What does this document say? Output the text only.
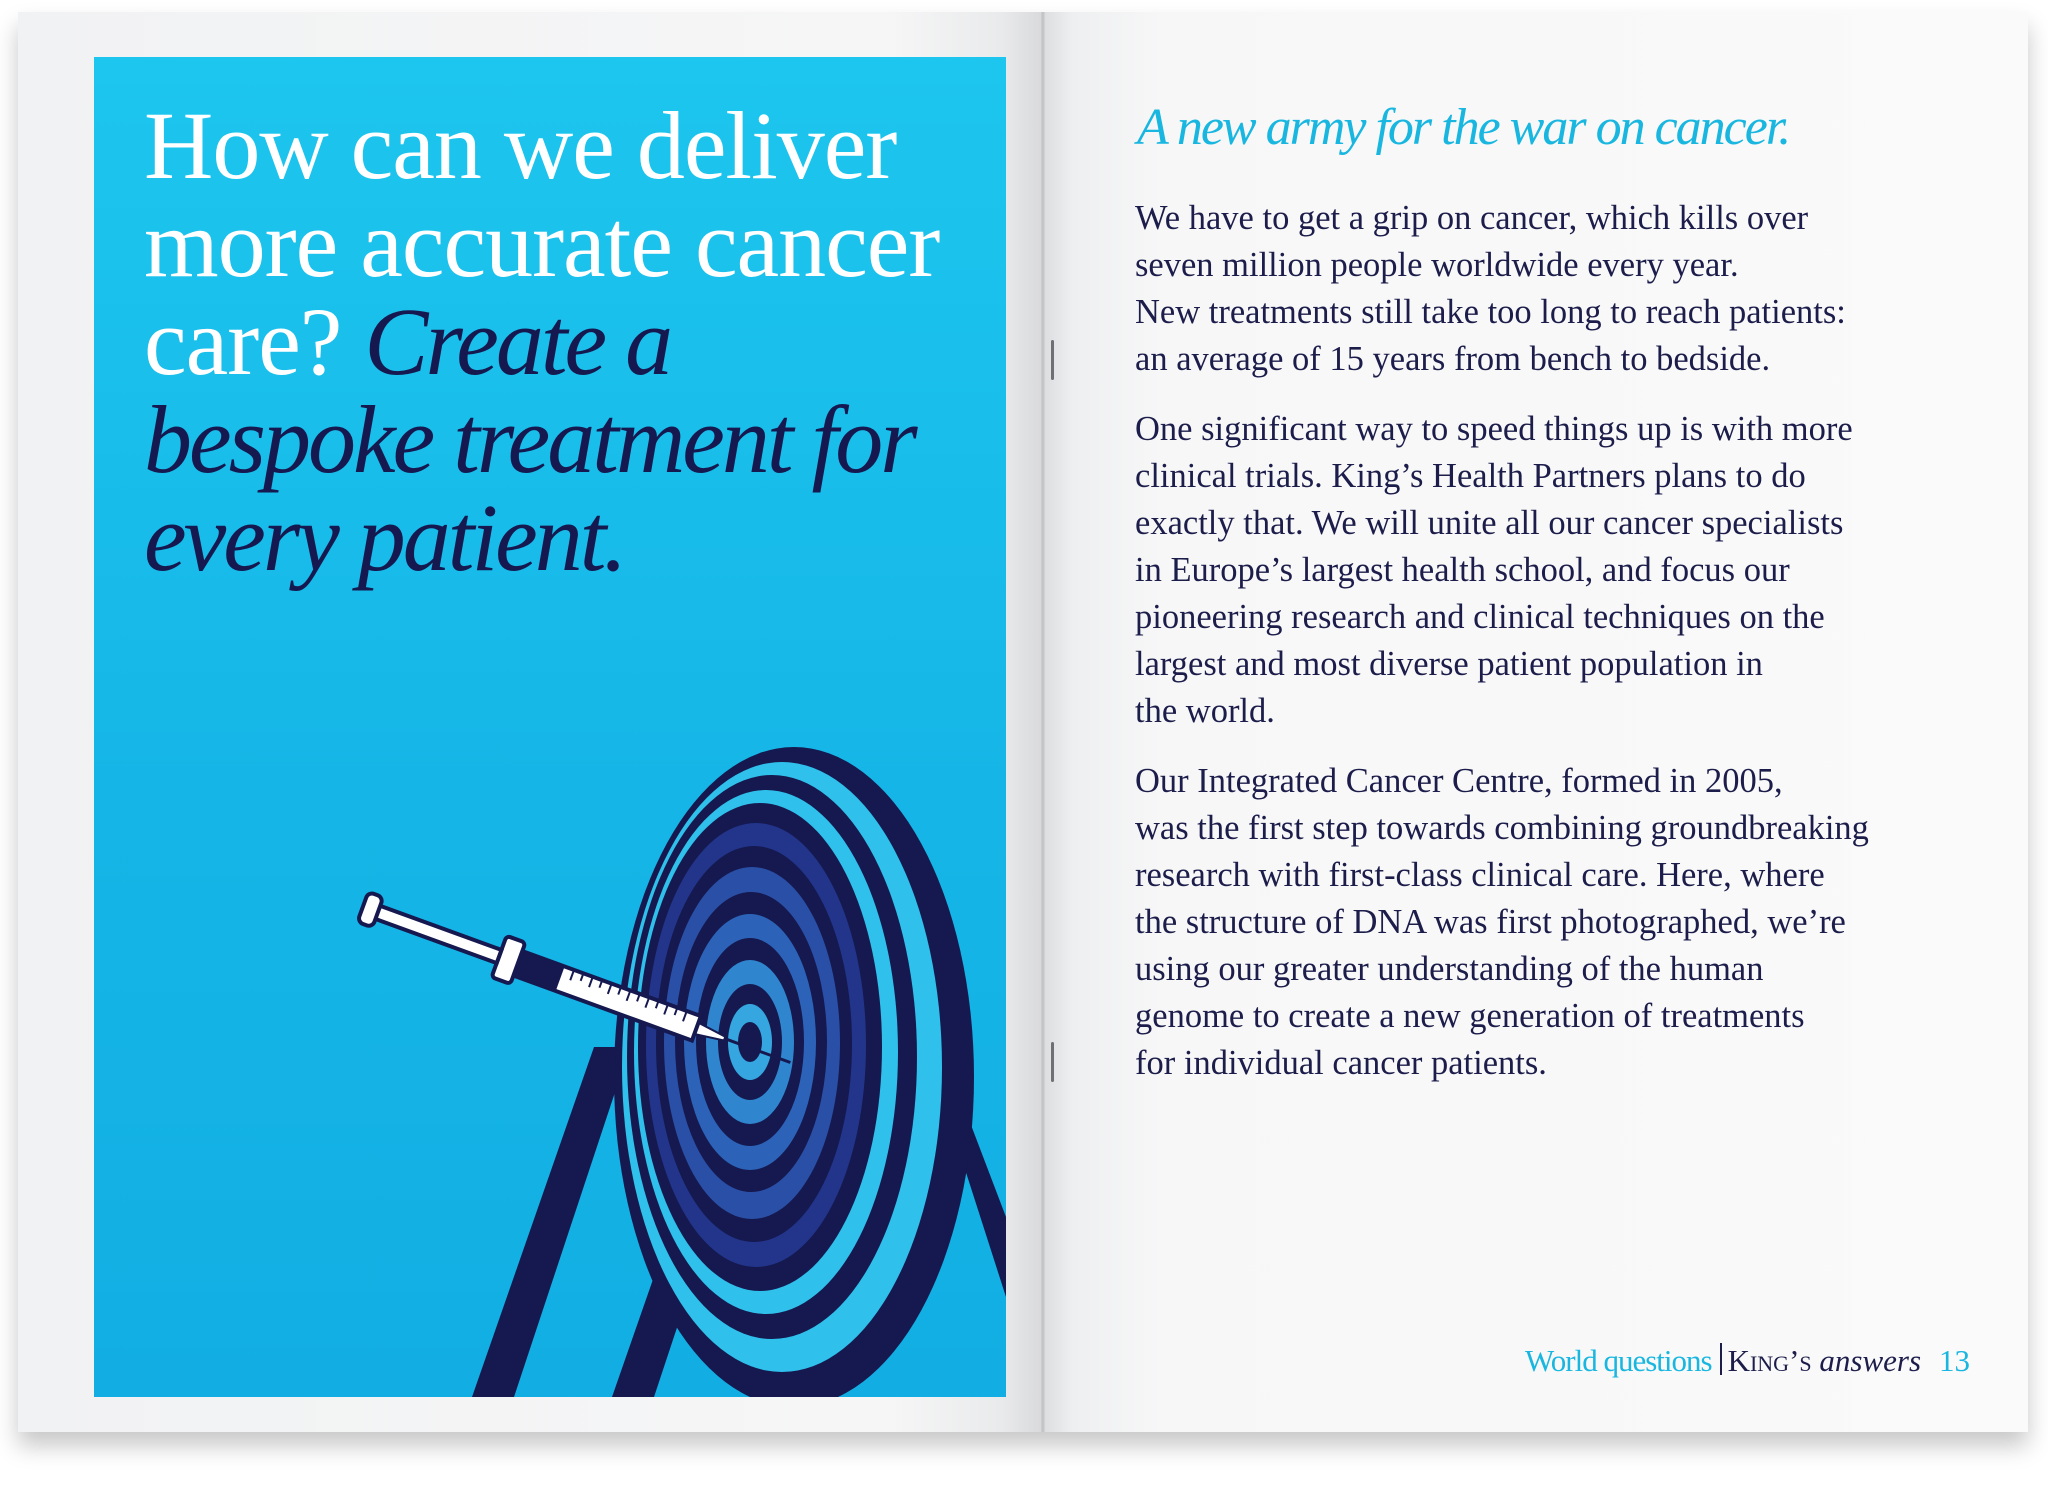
How can we deliver more accurate cancer care? Create a bespoke treatment for every patient.
A new army for the war on cancer.

We have to get a grip on cancer, which kills over
seven million people worldwide every year.
New treatments still take too long to reach patients:
an average of 15 years from bench to bedside.

One significant way to speed things up is with more
clinical trials. King’s Health Partners plans to do
exactly that. We will unite all our cancer specialists
in Europe’s largest health school, and focus our
pioneering research and clinical techniques on the
largest and most diverse patient population in
the world.

Our Integrated Cancer Centre, formed in 2005,
was the first step towards combining groundbreaking
research with first-class clinical care. Here, where
the structure of DNA was first photographed, we’re
using our greater understanding of the human
genome to create a new generation of treatments
for individual cancer patients.

World questions King’s answers 13
